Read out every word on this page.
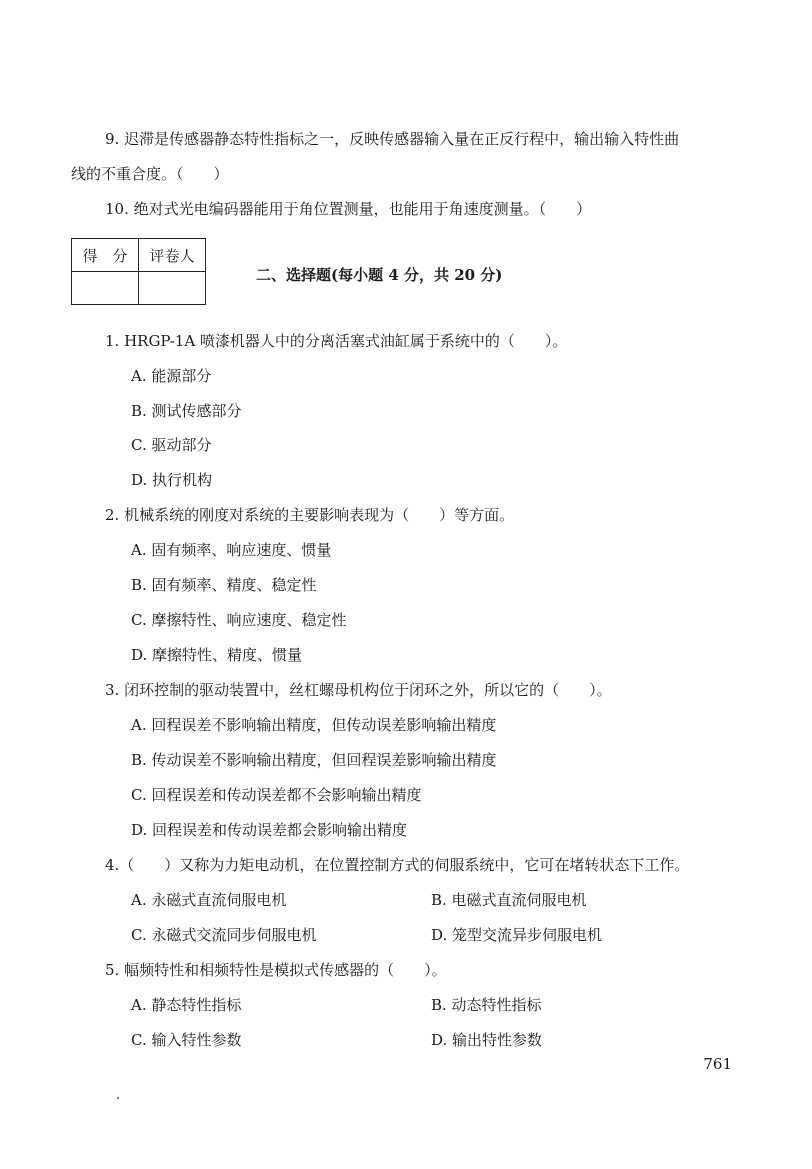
9. 迟滞是传感器静态特性指标之一，反映传感器输入量在正反行程中，输出输入特性曲
线的不重合度。（　　）
10. 绝对式光电编码器能用于角位置测量，也能用于角速度测量。（　　）
得　分	评卷人

二、选择题(每小题 4 分，共 20 分)
1. HRGP-1A 喷漆机器人中的分离活塞式油缸属于系统中的（　　）。
A. 能源部分
B. 测试传感部分
C. 驱动部分
D. 执行机构
2. 机械系统的刚度对系统的主要影响表现为（　　）等方面。
A. 固有频率、响应速度、惯量
B. 固有频率、精度、稳定性
C. 摩擦特性、响应速度、稳定性
D. 摩擦特性、精度、惯量
3. 闭环控制的驱动装置中，丝杠螺母机构位于闭环之外，所以它的（　　）。
A. 回程误差不影响输出精度，但传动误差影响输出精度
B. 传动误差不影响输出精度，但回程误差影响输出精度
C. 回程误差和传动误差都不会影响输出精度
D. 回程误差和传动误差都会影响输出精度
4.（　　）又称为力矩电动机，在位置控制方式的伺服系统中，它可在堵转状态下工作。
A. 永磁式直流伺服电机	B. 电磁式直流伺服电机
C. 永磁式交流同步伺服电机	D. 笼型交流异步伺服电机
5. 幅频特性和相频特性是模拟式传感器的（　　）。
A. 静态特性指标	B. 动态特性指标
C. 输入特性参数	D. 输出特性参数
761
